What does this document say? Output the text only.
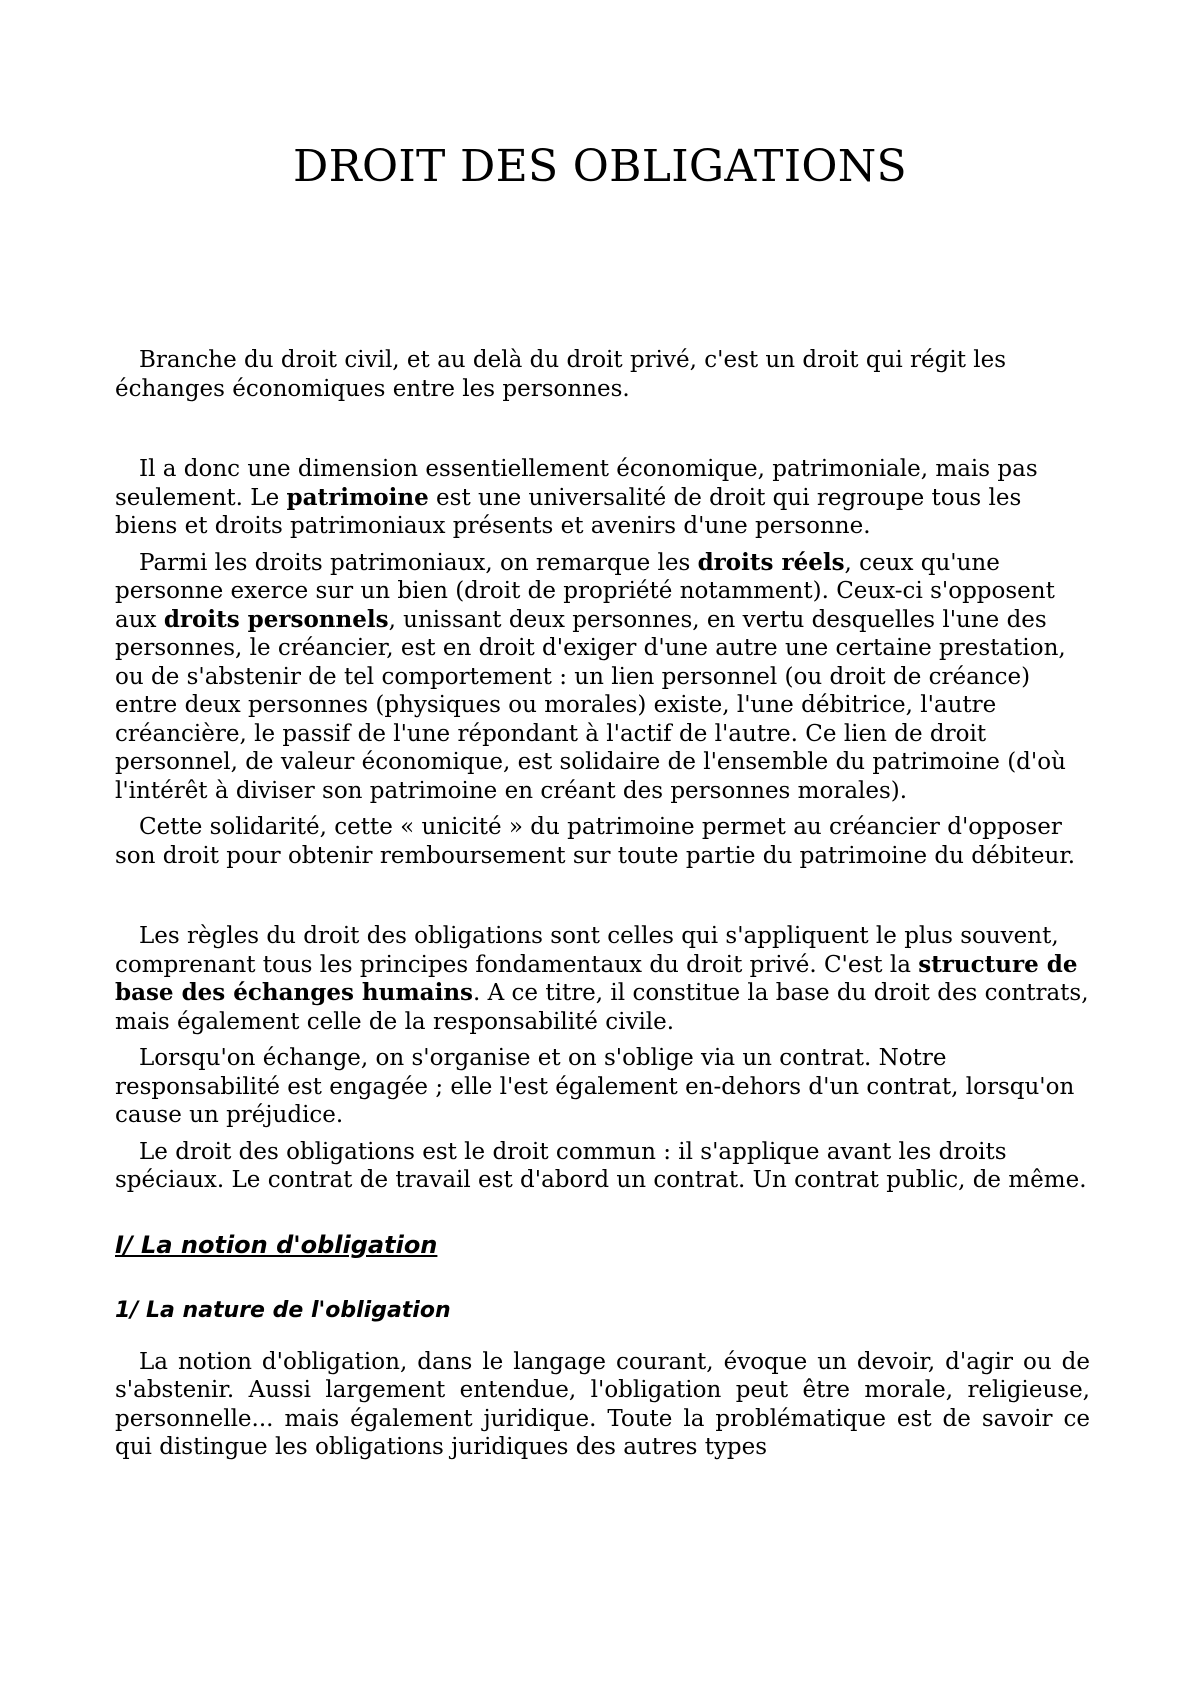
DROIT DES OBLIGATIONS

Branche du droit civil, et au delà du droit privé, c'est un droit qui régit les échanges économiques entre les personnes.

Il a donc une dimension essentiellement économique, patrimoniale, mais pas seulement. Le patrimoine est une universalité de droit qui regroupe tous les biens et droits patrimoniaux présents et avenirs d'une personne.

Parmi les droits patrimoniaux, on remarque les droits réels, ceux qu'une personne exerce sur un bien (droit de propriété notamment). Ceux-ci s'opposent aux droits personnels, unissant deux personnes, en vertu desquelles l'une des personnes, le créancier, est en droit d'exiger d'une autre une certaine prestation, ou de s'abstenir de tel comportement : un lien personnel (ou droit de créance) entre deux personnes (physiques ou morales) existe, l'une débitrice, l'autre créancière, le passif de l'une répondant à l'actif de l'autre. Ce lien de droit personnel, de valeur économique, est solidaire de l'ensemble du patrimoine (d'où l'intérêt à diviser son patrimoine en créant des personnes morales).

Cette solidarité, cette « unicité » du patrimoine permet au créancier d'opposer son droit pour obtenir remboursement sur toute partie du patrimoine du débiteur.

Les règles du droit des obligations sont celles qui s'appliquent le plus souvent, comprenant tous les principes fondamentaux du droit privé. C'est la structure de base des échanges humains. A ce titre, il constitue la base du droit des contrats, mais également celle de la responsabilité civile.

Lorsqu'on échange, on s'organise et on s'oblige via un contrat. Notre responsabilité est engagée ; elle l'est également en-dehors d'un contrat, lorsqu'on cause un préjudice.

Le droit des obligations est le droit commun : il s'applique avant les droits spéciaux. Le contrat de travail est d'abord un contrat. Un contrat public, de même.

I/ La notion d'obligation
1/ La nature de l'obligation

La notion d'obligation, dans le langage courant, évoque un devoir, d'agir ou de s'abstenir. Aussi largement entendue, l'obligation peut être morale, religieuse, personnelle... mais également juridique. Toute la problématique est de savoir ce qui distingue les obligations juridiques des autres types
